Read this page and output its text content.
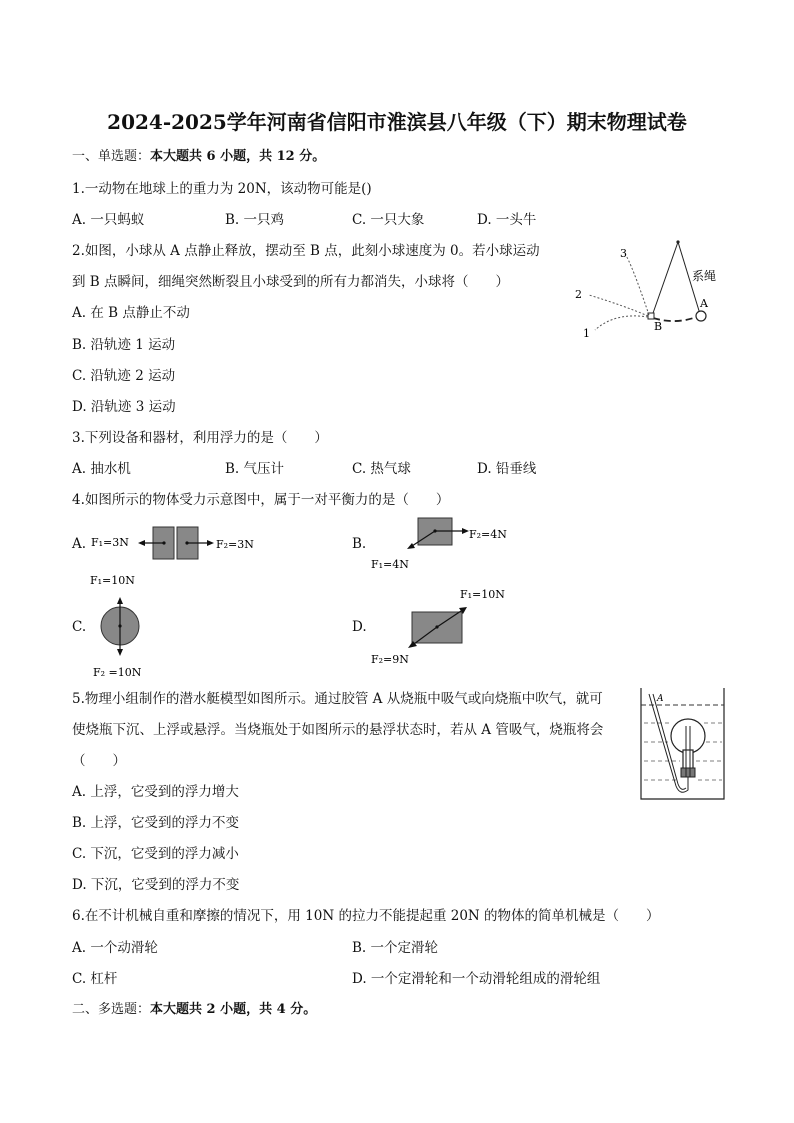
2024-2025学年河南省信阳市淮滨县八年级（下）期末物理试卷
一、单选题：本大题共 6 小题，共 12 分。
1.一动物在地球上的重力为 20N，该动物可能是()
A. 一只蚂蚁	B. 一只鸡	C. 一只大象	D. 一头牛
2.如图，小球从 A 点静止释放，摆动至 B 点，此刻小球速度为 0。若小球运动
到 B 点瞬间，细绳突然断裂且小球受到的所有力都消失，小球将（　　）
A. 在 B 点静止不动
B. 沿轨迹 1 运动
C. 沿轨迹 2 运动
D. 沿轨迹 3 运动
系绳
A
B
3
2
1
3.下列设备和器材，利用浮力的是（　　）
A. 抽水机	B. 气压计	C. 热气球	D. 铅垂线
4.如图所示的物体受力示意图中，属于一对平衡力的是（　　）
A.	B.
C.	D.
F₁=3N	F₂=3N
F₂=4N
F₁=4N
F₁=10N
F₂ =10N
F₁=10N
F₂=9N
5.物理小组制作的潜水艇模型如图所示。通过胶管 A 从烧瓶中吸气或向烧瓶中吹气，就可
使烧瓶下沉、上浮或悬浮。当烧瓶处于如图所示的悬浮状态时，若从 A 管吸气，烧瓶将会
（　　）
A. 上浮，它受到的浮力增大
B. 上浮，它受到的浮力不变
C. 下沉，它受到的浮力减小
D. 下沉，它受到的浮力不变
A
6.在不计机械自重和摩擦的情况下，用 10N 的拉力不能提起重 20N 的物体的简单机械是（　　）
A. 一个动滑轮	B. 一个定滑轮
C. 杠杆	D. 一个定滑轮和一个动滑轮组成的滑轮组
二、多选题：本大题共 2 小题，共 4 分。
